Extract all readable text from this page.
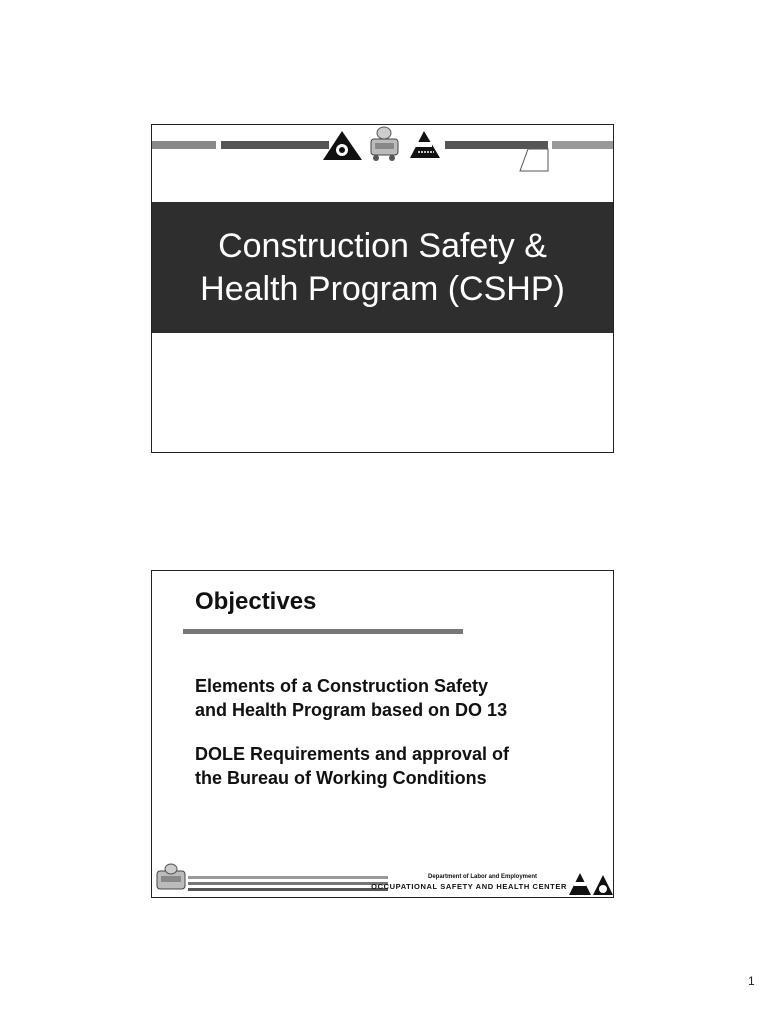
Construction Safety &
Health Program (CSHP)
Objectives
Elements of a Construction Safety
and Health Program based on DO 13
DOLE Requirements and approval of
the Bureau of Working Conditions
Department of Labor and Employment
OCCUPATIONAL SAFETY AND HEALTH CENTER
1
